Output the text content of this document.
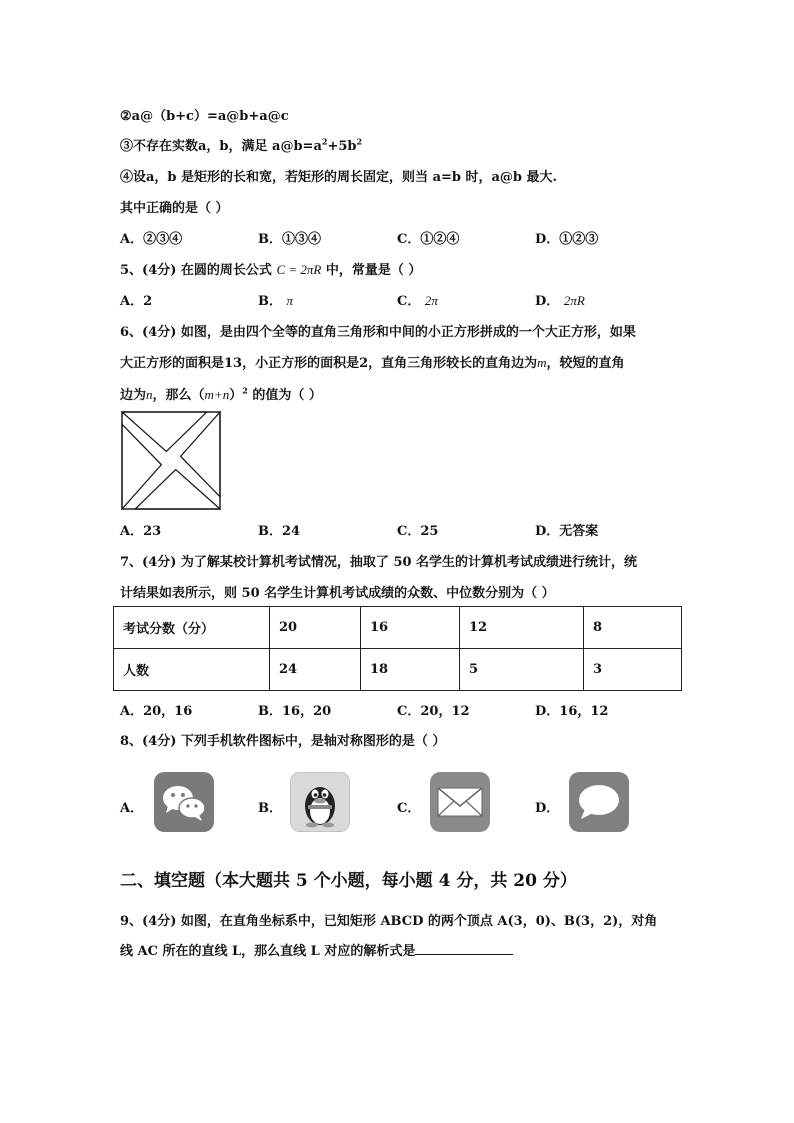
②a@（b+c）=a@b+a@c
③不存在实数a，b，满足 $a@b=a^2+5b^2$
④设a，b 是矩形的长和宽，若矩形的周长固定，则当 a=b 时，a@b 最大.
其中正确的是（ ）
A．②③④	B．①③④	C．①②④	D．①②③
5、(4分) 在圆的周长公式 C = 2πR 中，常量是（ ）
A．2	B． π	C． 2π	D． 2πR
6、(4分) 如图，是由四个全等的直角三角形和中间的小正方形拼成的一个大正方形，如果
大正方形的面积是13，小正方形的面积是2，直角三角形较长的直角边为m，较短的直角
边为n，那么$(m+n)^2$ 的值为（ ）
A．23	B．24	C．25	D．无答案
7、(4分) 为了解某校计算机考试情况，抽取了 50 名学生的计算机考试成绩进行统计，统
计结果如表所示，则 50 名学生计算机考试成绩的众数、中位数分别为（ ）
考试分数（分）	20	16	12	8
人数	24	18	5	3
A．20，16	B．16，20	C．20，12	D．16，12
8、(4分) 下列手机软件图标中，是轴对称图形的是（ ）
A．	B．	C．	D．
二、填空题（本大题共 5 个小题，每小题 4 分，共 20 分）
9、(4分) 如图，在直角坐标系中，已知矩形 ABCD 的两个顶点 A(3，0)、B(3，2)，对角
线 AC 所在的直线 L，那么直线 L 对应的解析式是
